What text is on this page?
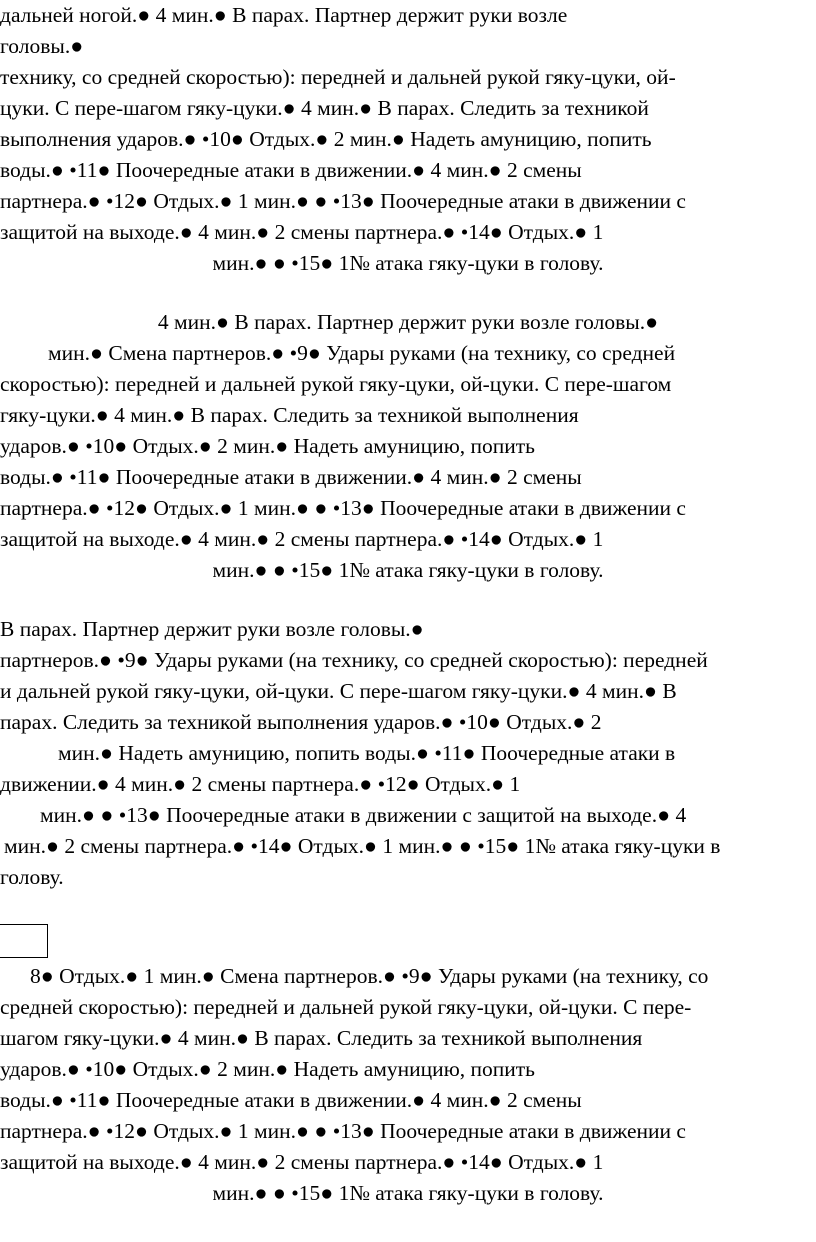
дальней ногой.● 4 мин.● В парах. Партнер держит руки возле
головы.●
технику, со средней скоростью): передней и дальней рукой гяку-цуки, ой-
цуки. С пере-шагом гяку-цуки.● 4 мин.● В парах. Следить за техникой
выполнения ударов.● •10● Отдых.● 2 мин.● Надеть амуницию, попить
воды.● •11● Поочередные атаки в движении.● 4 мин.● 2 смены
партнера.● •12● Отдых.● 1 мин.● ● •13● Поочередные атаки в движении с
защитой на выходе.● 4 мин.● 2 смены партнера.● •14● Отдых.● 1
мин.● ● •15● 1№ атака гяку-цуки в голову.
4 мин.● В парах. Партнер держит руки возле головы.●
мин.● Смена партнеров.● •9● Удары руками (на технику, со средней
скоростью): передней и дальней рукой гяку-цуки, ой-цуки. С пере-шагом
гяку-цуки.● 4 мин.● В парах. Следить за техникой выполнения
ударов.● •10● Отдых.● 2 мин.● Надеть амуницию, попить
воды.● •11● Поочередные атаки в движении.● 4 мин.● 2 смены
партнера.● •12● Отдых.● 1 мин.● ● •13● Поочередные атаки в движении с
защитой на выходе.● 4 мин.● 2 смены партнера.● •14● Отдых.● 1
мин.● ● •15● 1№ атака гяку-цуки в голову.
В парах. Партнер держит руки возле головы.●
партнеров.● •9● Удары руками (на технику, со средней скоростью): передней
и дальней рукой гяку-цуки, ой-цуки. С пере-шагом гяку-цуки.● 4 мин.● В
парах. Следить за техникой выполнения ударов.● •10● Отдых.● 2
мин.● Надеть амуницию, попить воды.● •11● Поочередные атаки в
движении.● 4 мин.● 2 смены партнера.● •12● Отдых.● 1
мин.● ● •13● Поочередные атаки в движении с защитой на выходе.● 4
мин.● 2 смены партнера.● •14● Отдых.● 1 мин.● ● •15● 1№ атака гяку-цуки в
голову.
8● Отдых.● 1 мин.● Смена партнеров.● •9● Удары руками (на технику, со
средней скоростью): передней и дальней рукой гяку-цуки, ой-цуки. С пере-
шагом гяку-цуки.● 4 мин.● В парах. Следить за техникой выполнения
ударов.● •10● Отдых.● 2 мин.● Надеть амуницию, попить
воды.● •11● Поочередные атаки в движении.● 4 мин.● 2 смены
партнера.● •12● Отдых.● 1 мин.● ● •13● Поочередные атаки в движении с
защитой на выходе.● 4 мин.● 2 смены партнера.● •14● Отдых.● 1
мин.● ● •15● 1№ атака гяку-цуки в голову.
